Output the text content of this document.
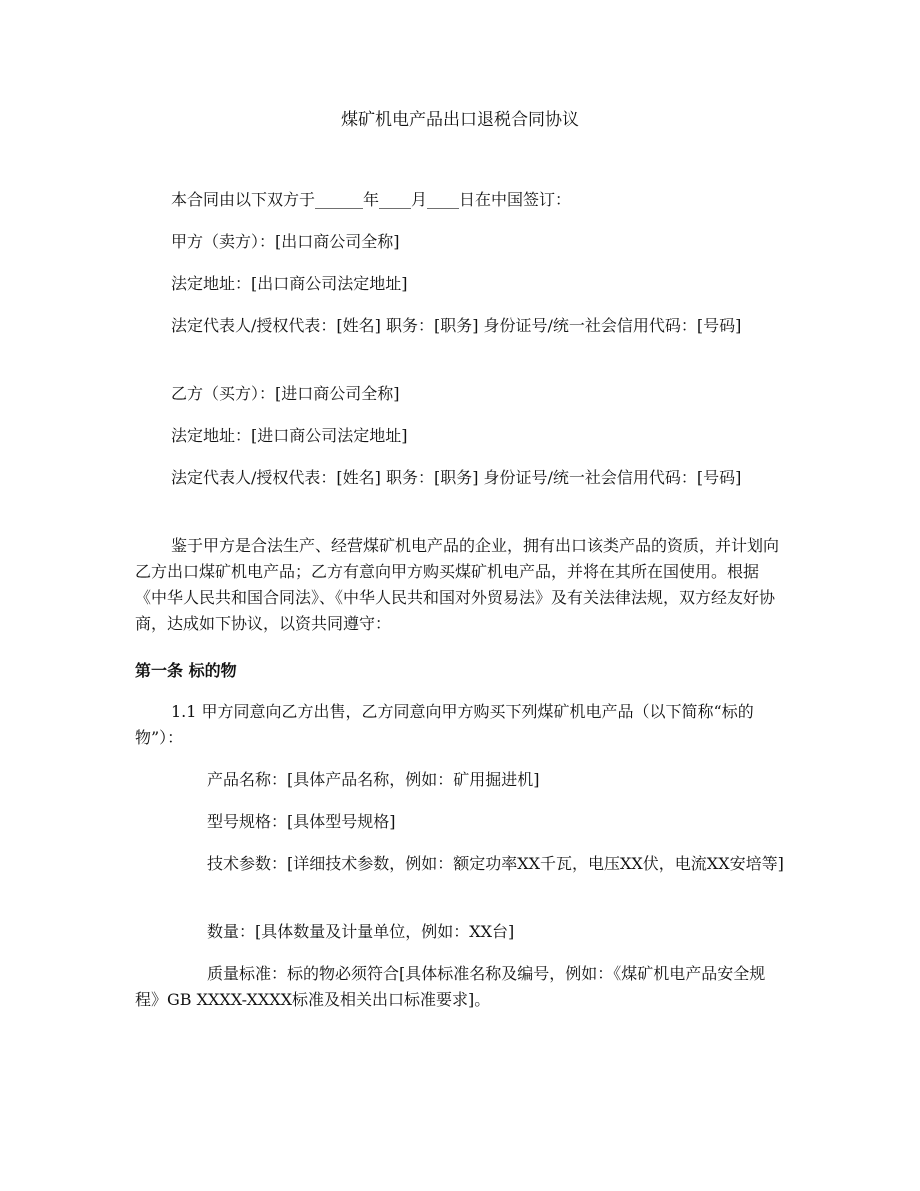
煤矿机电产品出口退税合同协议

本合同由以下双方于______年____月____日在中国签订：

甲方（卖方）：[出口商公司全称]

法定地址：[出口商公司法定地址]

法定代表人/授权代表：[姓名] 职务：[职务] 身份证号/统一社会信用代码：[号码]

乙方（买方）：[进口商公司全称]

法定地址：[进口商公司法定地址]

法定代表人/授权代表：[姓名] 职务：[职务] 身份证号/统一社会信用代码：[号码]

鉴于甲方是合法生产、经营煤矿机电产品的企业，拥有出口该类产品的资质，并计划向乙方出口煤矿机电产品；乙方有意向甲方购买煤矿机电产品，并将在其所在国使用。根据《中华人民共和国合同法》、《中华人民共和国对外贸易法》及有关法律法规，双方经友好协商，达成如下协议，以资共同遵守：

第一条 标的物

1.1 甲方同意向乙方出售，乙方同意向甲方购买下列煤矿机电产品（以下简称“标的物”）：

产品名称：[具体产品名称，例如：矿用掘进机]

型号规格：[具体型号规格]

技术参数：[详细技术参数，例如：额定功率XX千瓦，电压XX伏，电流XX安培等]

数量：[具体数量及计量单位，例如：XX台]

质量标准：标的物必须符合[具体标准名称及编号，例如：《煤矿机电产品安全规程》GB XXXX-XXXX标准及相关出口标准要求]。
